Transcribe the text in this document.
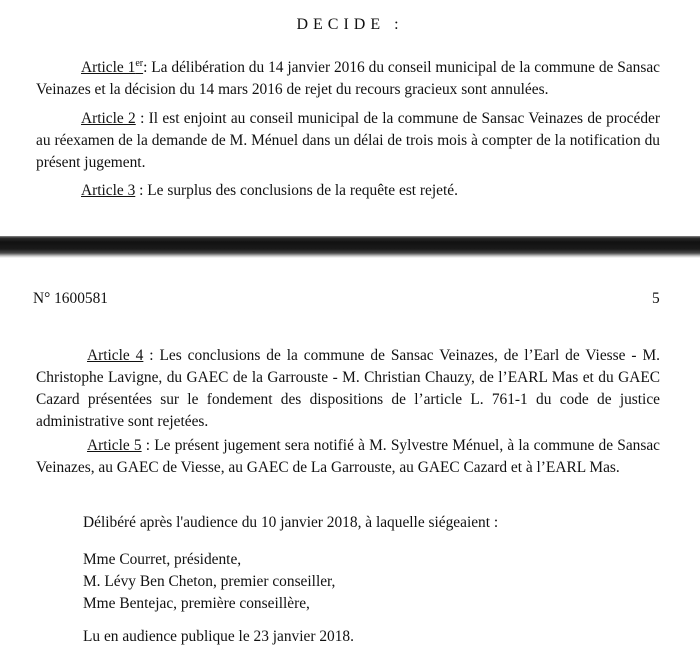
DECIDE :

Article 1er: La délibération du 14 janvier 2016 du conseil municipal de la commune de Sansac Veinazes et la décision du 14 mars 2016 de rejet du recours gracieux sont annulées.

Article 2 : Il est enjoint au conseil municipal de la commune de Sansac Veinazes de procéder au réexamen de la demande de M. Ménuel dans un délai de trois mois à compter de la notification du présent jugement.

Article 3 : Le surplus des conclusions de la requête est rejeté.

N° 1600581	5

Article 4 : Les conclusions de la commune de Sansac Veinazes, de l’Earl de Viesse - M. Christophe Lavigne, du GAEC de la Garrouste - M. Christian Chauzy, de l’EARL Mas et du GAEC Cazard présentées sur le fondement des dispositions de l’article L. 761-1 du code de justice administrative sont rejetées.

Article 5 : Le présent jugement sera notifié à M. Sylvestre Ménuel, à la commune de Sansac Veinazes, au GAEC de Viesse, au GAEC de La Garrouste, au GAEC Cazard et à l’EARL Mas.

Délibéré après l'audience du 10 janvier 2018, à laquelle siégeaient :
Mme Courret, présidente,
M. Lévy Ben Cheton, premier conseiller,
Mme Bentejac, première conseillère,
Lu en audience publique le 23 janvier 2018.
